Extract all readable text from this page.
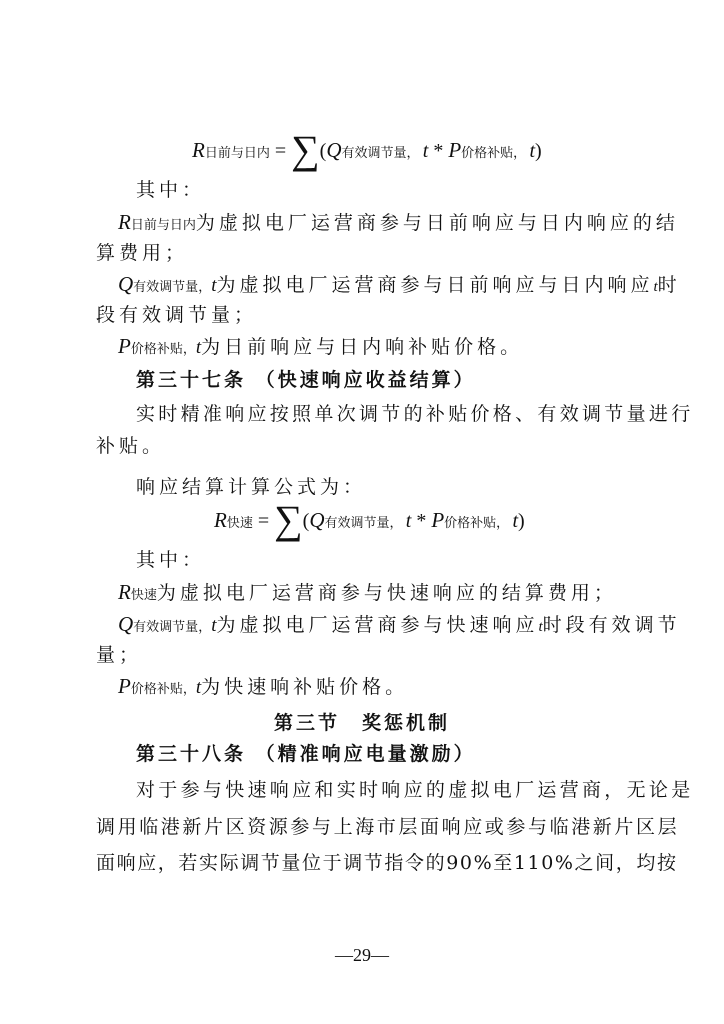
R日前与日内 = ∑(Q有效调节量， t * P价格补贴， t)
其中：
R日前与日内为虚拟电厂运营商参与日前响应与日内响应的结
算费用；
Q有效调节量，t为虚拟电厂运营商参与日前响应与日内响应t时
段有效调节量；
P价格补贴，t为日前响应与日内响补贴价格。
第三十七条 （快速响应收益结算）
实时精准响应按照单次调节的补贴价格、有效调节量进行
补贴。
响应结算计算公式为：
R快速 = ∑(Q有效调节量， t * P价格补贴， t)
其中：
R快速为虚拟电厂运营商参与快速响应的结算费用；
Q有效调节量，t为虚拟电厂运营商参与快速响应t时段有效调节
量；
P价格补贴，t为快速响补贴价格。
第三节　奖惩机制
第三十八条 （精准响应电量激励）
对于参与快速响应和实时响应的虚拟电厂运营商，无论是
调用临港新片区资源参与上海市层面响应或参与临港新片区层
面响应，若实际调节量位于调节指令的90%至110%之间，均按
—29—
